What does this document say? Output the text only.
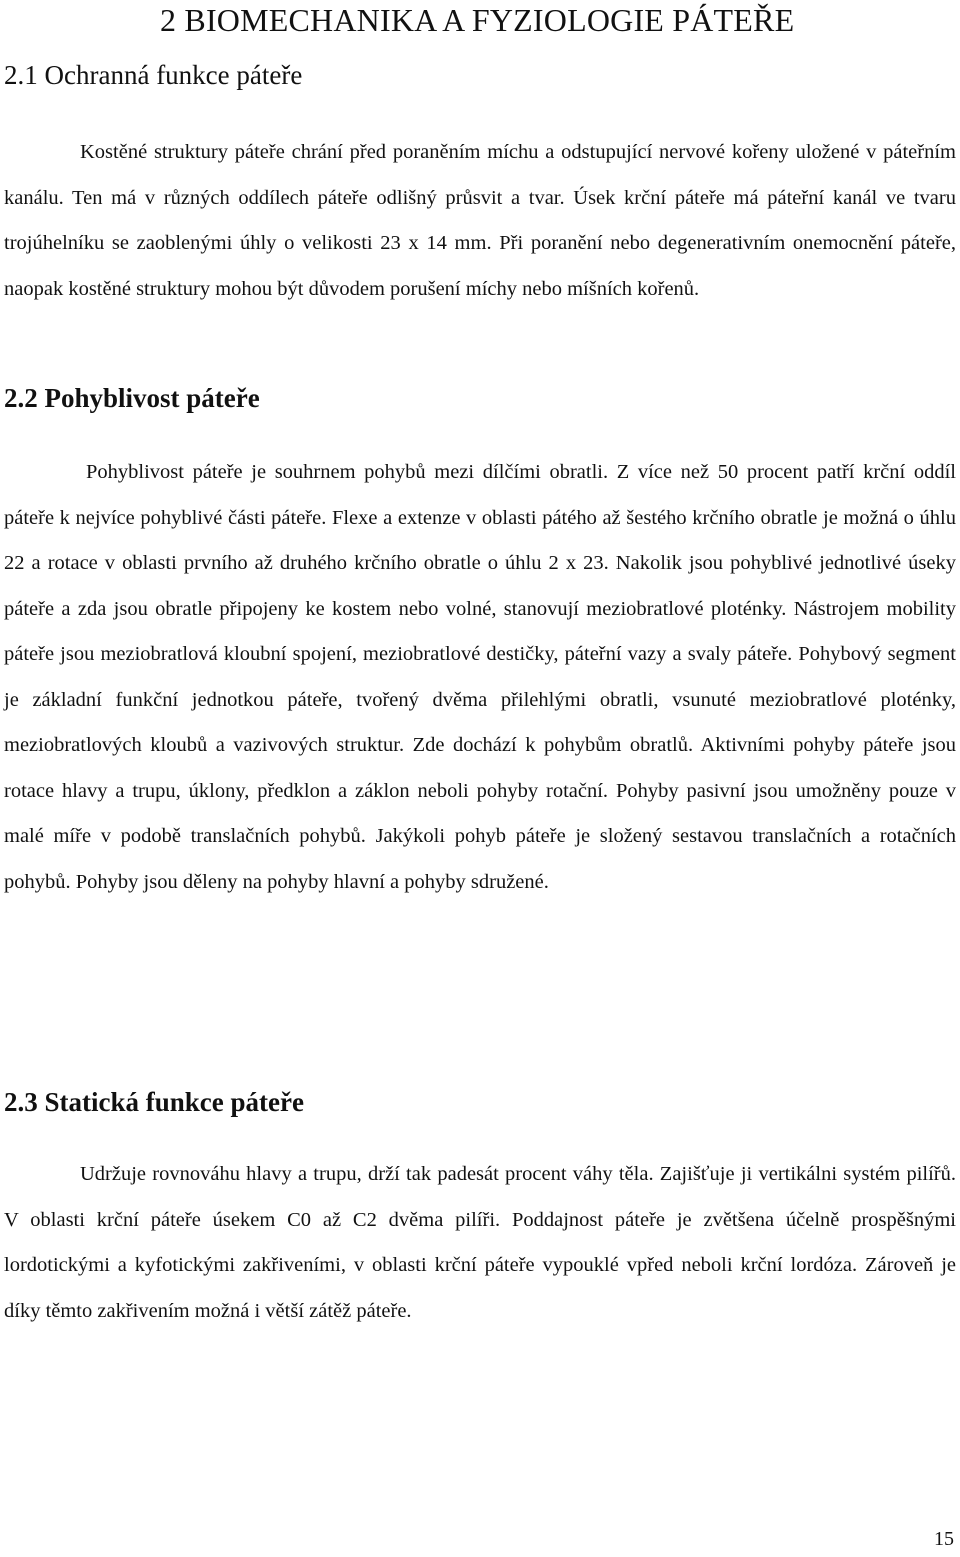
2 BIOMECHANIKA A FYZIOLOGIE PÁTEŘE
2.1 Ochranná funkce páteře

Kostěné struktury páteře chrání před poraněním míchu a odstupující nervové kořeny uložené v páteřním kanálu. Ten má v různých oddílech páteře odlišný průsvit a tvar. Úsek krční páteře má páteřní kanál ve tvaru trojúhelníku se zaoblenými úhly o velikosti 23 x 14 mm. Při poranění nebo degenerativním onemocnění páteře, naopak kostěné struktury mohou být důvodem porušení míchy nebo míšních kořenů.

2.2 Pohyblivost páteře

Pohyblivost páteře je souhrnem pohybů mezi dílčími obratli. Z více než 50 procent patří krční oddíl páteře k nejvíce pohyblivé části páteře. Flexe a extenze v oblasti pátého až šestého krčního obratle je možná o úhlu 22 a rotace v oblasti prvního až druhého krčního obratle o úhlu 2 x 23. Nakolik jsou pohyblivé jednotlivé úseky páteře a zda jsou obratle připojeny ke kostem nebo volné, stanovují meziobratlové ploténky. Nástrojem mobility páteře jsou meziobratlová kloubní spojení, meziobratlové destičky, páteřní vazy a svaly páteře. Pohybový segment je základní funkční jednotkou páteře, tvořený dvěma přilehlými obratli, vsunuté meziobratlové ploténky, meziobratlových kloubů a vazivových struktur. Zde dochází k pohybům obratlů. Aktivními pohyby páteře jsou rotace hlavy a trupu, úklony, předklon a záklon neboli pohyby rotační. Pohyby pasivní jsou umožněny pouze v malé míře v podobě translačních pohybů. Jakýkoli pohyb páteře je složený sestavou translačních a rotačních pohybů. Pohyby jsou děleny na pohyby hlavní a pohyby sdružené.

2.3 Statická funkce páteře

Udržuje rovnováhu hlavy a trupu, drží tak padesát procent váhy těla. Zajišťuje ji vertikálni systém pilířů. V oblasti krční páteře úsekem C0 až C2 dvěma pilíři. Poddajnost páteře je zvětšena účelně prospěšnými lordotickými a kyfotickými zakřiveními, v oblasti krční páteře vypouklé vpřed neboli krční lordóza. Zároveň je díky těmto zakřivením možná i větší zátěž páteře.

15
